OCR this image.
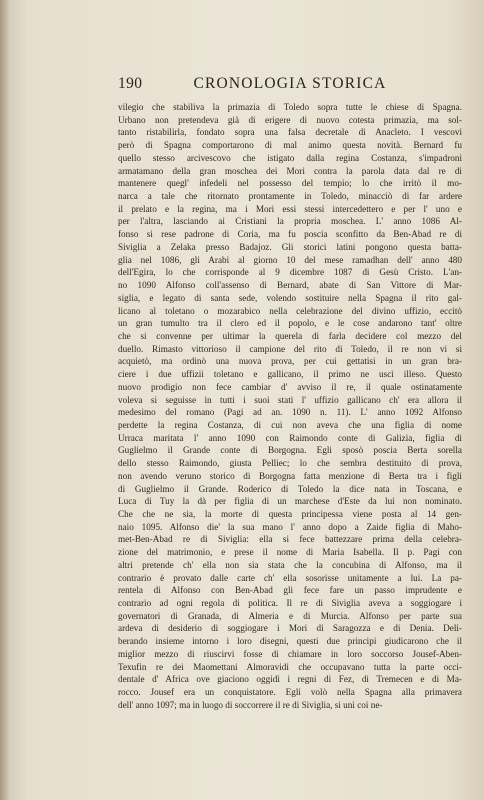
190	CRONOLOGIA STORICA
vilegio che stabiliva la primazia di Toledo sopra tutte le chiese di Spagna.
Urbano non pretendeva già di erigere di nuovo cotesta primazia, ma sol-
tanto ristabilirla, fondato sopra una falsa decretale di Anacleto. I vescovi
però di Spagna comportarono di mal animo questa novità. Bernard fu
quello stesso arcivescovo che istigato dalla regina Costanza, s'impadronì
armatamano della gran moschea dei Mori contra la parola data dal re di
mantenere quegl' infedeli nel possesso del tempio; lo che irritò il mo-
narca a tale che ritornato prontamente in Toledo, minacciò di far ardere
il prelato e la regina, ma i Mori essi stessi intercedettero e per l' uno e
per l'altra, lasciando ai Cristiani la propria moschea. L' anno 1086 Al-
fonso si rese padrone di Coria, ma fu poscia sconfitto da Ben-Abad re di
Siviglia a Zelaka presso Badajoz. Gli storici latini pongono questa batta-
glia nel 1086, gli Arabi al giorno 10 del mese ramadhan dell' anno 480
dell'Egira, lo che corrisponde al 9 dicembre 1087 di Gesù Cristo. L'an-
no 1090 Alfonso coll'assenso di Bernard, abate di San Vittore di Mar-
siglia, e legato di santa sede, volendo sostituire nella Spagna il rito gal-
licano al toletano o mozarabico nella celebrazione del divino uffizio, eccitò
un gran tumulto tra il clero ed il popolo, e le cose andarono tant' oltre
che si convenne per ultimar la querela di farla decidere col mezzo del
duello. Rimasto vittorioso il campione del rito di Toledo, il re non vi si
acquietò, ma ordinò una nuova prova, per cui gettatisi in un gran bra-
ciere i due uffizii toletano e gallicano, il primo ne uscì illeso. Questo
nuovo prodigio non fece cambiar d' avviso il re, il quale ostinatamente
voleva si seguisse in tutti i suoi stati l' uffizio gallicano ch' era allora il
medesimo del romano (Pagi ad an. 1090 n. 11). L' anno 1092 Alfonso
perdette la regina Costanza, di cui non aveva che una figlia di nome
Urraca maritata l' anno 1090 con Raimondo conte di Galizia, figlia di
Guglielmo il Grande conte di Borgogna. Egli sposò poscia Berta sorella
dello stesso Raimondo, giusta Pelliec; lo che sembra destituito di prova,
non avendo veruno storico di Borgogna fatta menzione di Berta tra i figli
di Guglielmo il Grande. Roderico di Toledo la dice nata in Toscana, e
Luca di Tuy la dà per figlia di un marchese d'Este da lui non nominato.
Che che ne sia, la morte di questa principessa viene posta al 14 gen-
naio 1095. Alfonso die' la sua mano l' anno dopo a Zaide figlia di Maho-
met-Ben-Abad re di Siviglia: ella si fece battezzare prima della celebra-
zione del matrimonio, e prese il nome di Maria Isabella. Il p. Pagi con
altri pretende ch' ella non sia stata che la concubina di Alfonso, ma il
contrario è provato dalle carte ch' ella sosorisse unitamente a lui. La pa-
rentela di Alfonso con Ben-Abad gli fece fare un passo imprudente e
contrario ad ogni regola di politica. Il re di Siviglia aveva a soggiogare i
governatori di Granada, di Almeria e di Murcia. Alfonso per parte sua
ardeva di desiderio di soggiogare i Mori di Saragozza e di Denia. Deli-
berando insieme intorno i loro disegni, questi due principi giudicarono che il
miglior mezzo di riuscirvi fosse di chiamare in loro soccorso Jousef-Aben-
Texufin re dei Maomettani Almoravidi che occupavano tutta la parte occi-
dentale d' Africa ove giaciono oggidì i regni di Fez, di Tremecen e di Ma-
rocco. Jousef era un conquistatore. Egli volò nella Spagna alla primavera
dell' anno 1097; ma in luogo di soccorrere il re di Siviglia, si unì coi ne-
